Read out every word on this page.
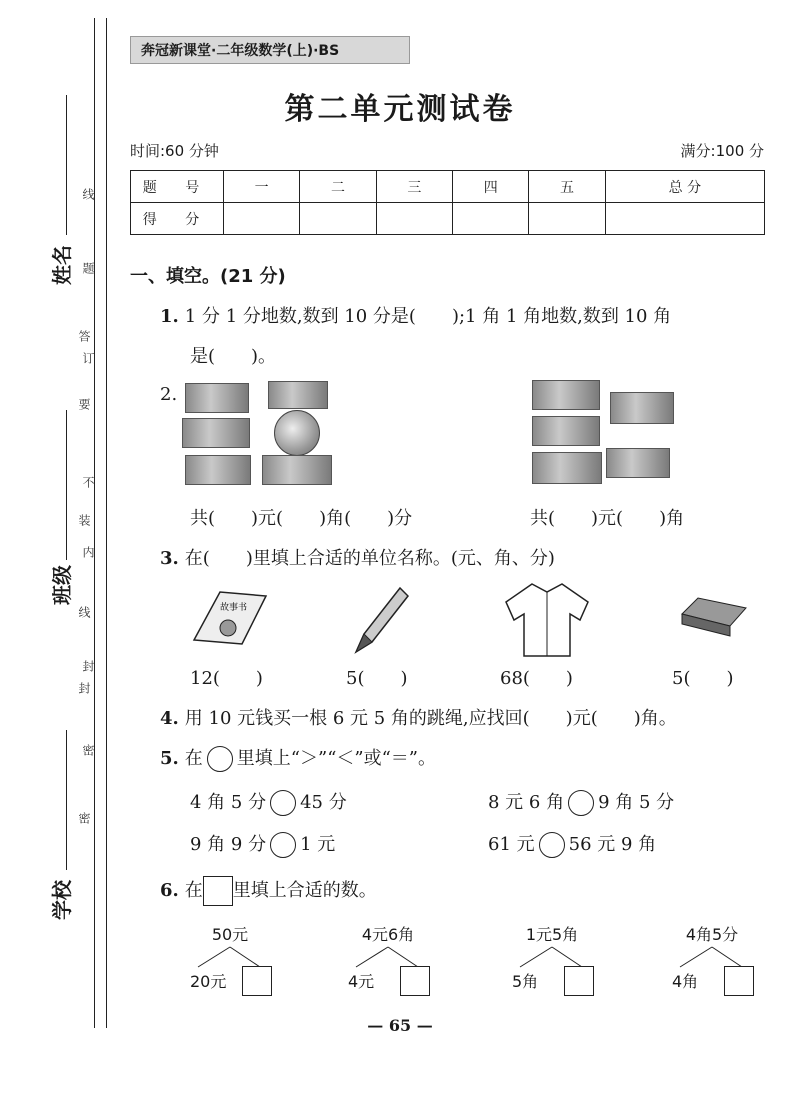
姓名
班级
学校
线
题
答
订
要
不
装
内
线
封
封
密
密
奔冠新课堂·二年级数学(上)·BS
第二单元测试卷
时间:60 分钟	满分:100 分
题 号	一	二	三	四	五	总 分
得 分						
一、填空。(21 分)
1. 1 分 1 分地数,数到 10 分是(　　);1 角 1 角地数,数到 10 角
是(　　)。
2.
共(　　)元(　　)角(　　)分	共(　　)元(　　)角
3. 在(　　)里填上合适的单位名称。(元、角、分)
故事书
12(　　)	5(　　)	68(　　)	5(　　)
4. 用 10 元钱买一根 6 元 5 角的跳绳,应找回(　　)元(　　)角。
5. 在 里填上“＞”“＜”或“＝”。
4 角 5 分 45 分	8 元 6 角 9 角 5 分
9 角 9 分 1 元	61 元 56 元 9 角
6. 在 里填上合适的数。
50元
20元
4元6角
4元
1元5角
5角
4角5分
4角
— 65 —
